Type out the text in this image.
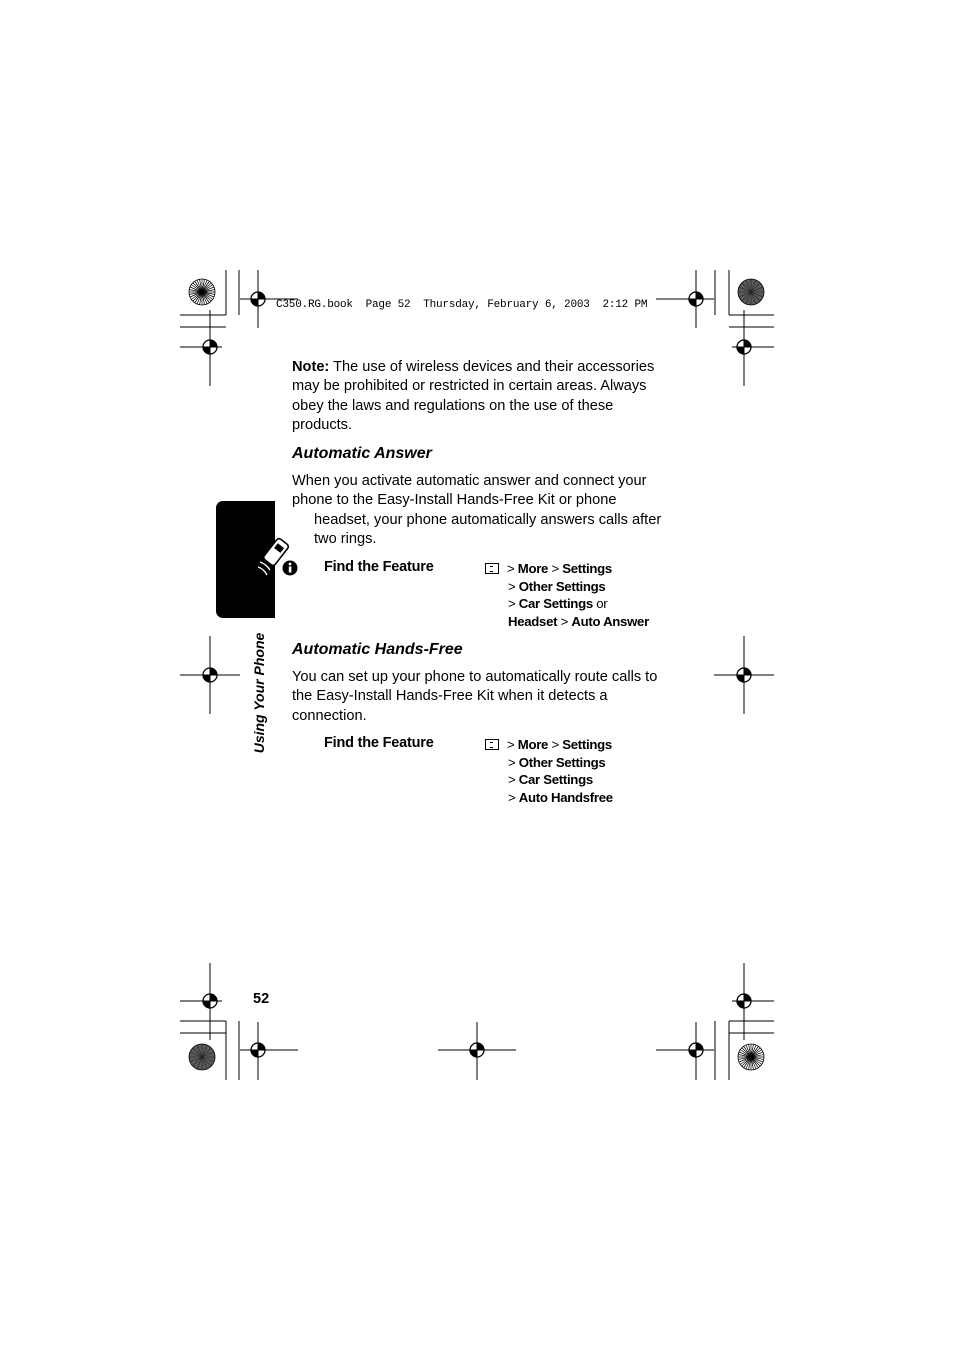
C350.RG.book  Page 52  Thursday, February 6, 2003  2:12 PM
Using Your Phone
Note: The use of wireless devices and their accessories may be prohibited or restricted in certain areas. Always obey the laws and regulations on the use of these products.
Automatic Answer
When you activate automatic answer and connect your phone to the Easy-Install Hands-Free Kit or phone
headset, your phone automatically answers calls after two rings.
Find the Feature	> More > Settings
> Other Settings
> Car Settings or
Headset > Auto Answer
Automatic Hands-Free
You can set up your phone to automatically route calls to the Easy-Install Hands-Free Kit when it detects a connection.
Find the Feature	> More > Settings
> Other Settings
> Car Settings
> Auto Handsfree
52
